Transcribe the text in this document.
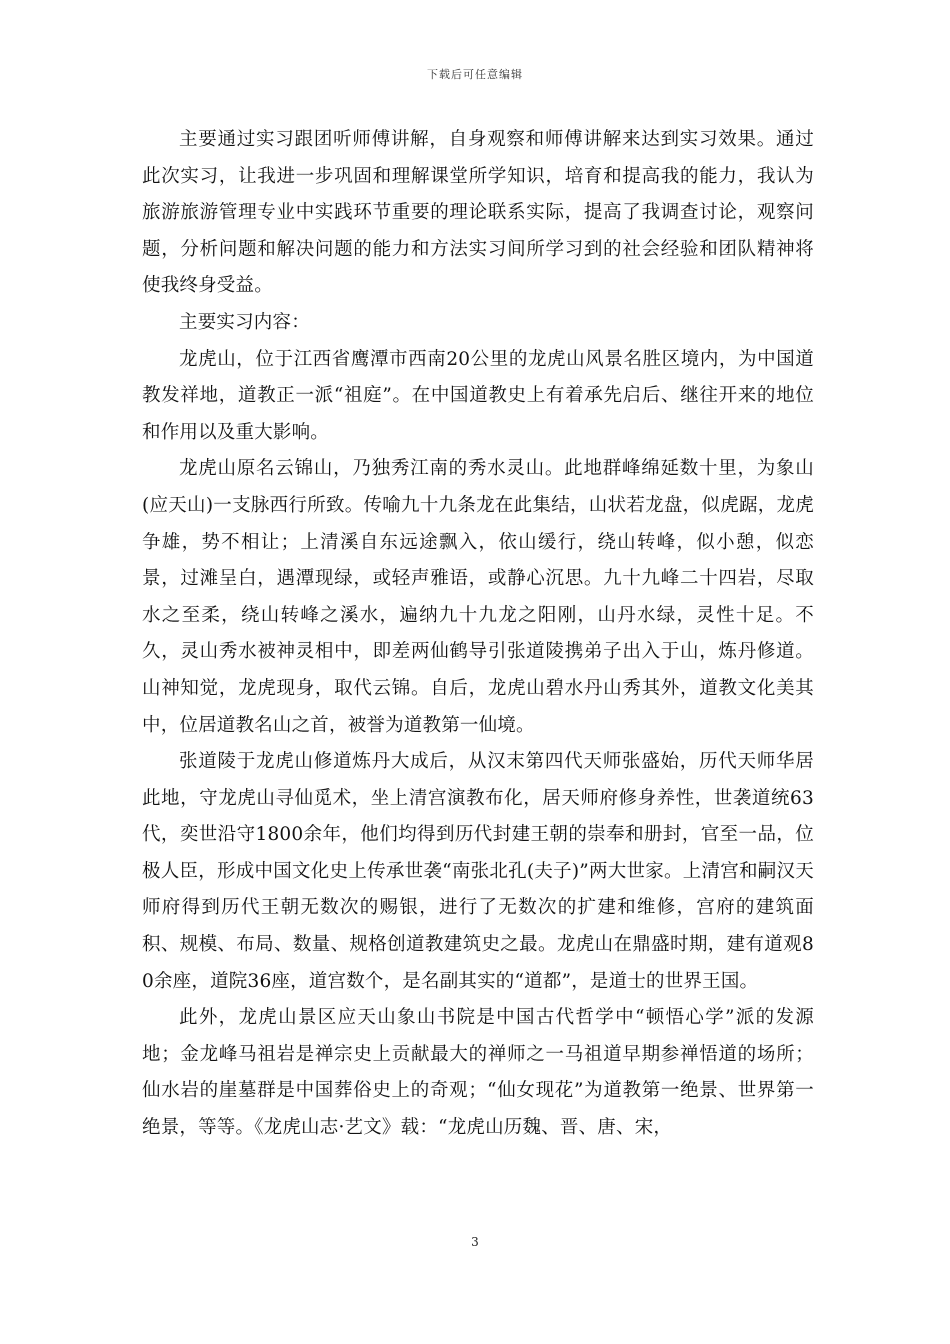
下载后可任意编辑

主要通过实习跟团听师傅讲解，自身观察和师傅讲解来达到实习效果。通过此次实习，让我进一步巩固和理解课堂所学知识，培育和提高我的能力，我认为旅游旅游管理专业中实践环节重要的理论联系实际，提高了我调查讨论，观察问题，分析问题和解决问题的能力和方法实习间所学习到的社会经验和团队精神将使我终身受益。

主要实习内容：

龙虎山，位于江西省鹰潭市西南20公里的龙虎山风景名胜区境内，为中国道教发祥地，道教正一派“祖庭”。在中国道教史上有着承先启后、继往开来的地位和作用以及重大影响。

龙虎山原名云锦山，乃独秀江南的秀水灵山。此地群峰绵延数十里，为象山(应天山)一支脉西行所致。传喻九十九条龙在此集结，山状若龙盘，似虎踞，龙虎争雄，势不相让；上清溪自东远途飘入，依山缓行，绕山转峰，似小憩，似恋景，过滩呈白，遇潭现绿，或轻声雅语，或静心沉思。九十九峰二十四岩，尽取水之至柔，绕山转峰之溪水，遍纳九十九龙之阳刚，山丹水绿，灵性十足。不久，灵山秀水被神灵相中，即差两仙鹤导引张道陵携弟子出入于山，炼丹修道。山神知觉，龙虎现身，取代云锦。自后，龙虎山碧水丹山秀其外，道教文化美其中，位居道教名山之首，被誉为道教第一仙境。

张道陵于龙虎山修道炼丹大成后，从汉末第四代天师张盛始，历代天师华居此地，守龙虎山寻仙觅术，坐上清宫演教布化，居天师府修身养性，世袭道统63代，奕世沿守1800余年，他们均得到历代封建王朝的崇奉和册封，官至一品，位极人臣，形成中国文化史上传承世袭“南张北孔(夫子)”两大世家。上清宫和嗣汉天师府得到历代王朝无数次的赐银，进行了无数次的扩建和维修，宫府的建筑面积、规模、布局、数量、规格创道教建筑史之最。龙虎山在鼎盛时期，建有道观80余座，道院36座，道宫数个，是名副其实的“道都”，是道士的世界王国。

此外，龙虎山景区应天山象山书院是中国古代哲学中“顿悟心学”派的发源地；金龙峰马祖岩是禅宗史上贡献最大的禅师之一马祖道早期参禅悟道的场所；仙水岩的崖墓群是中国葬俗史上的奇观；“仙女现花”为道教第一绝景、世界第一绝景，等等。《龙虎山志·艺文》载：“龙虎山历魏、晋、唐、宋，

3
